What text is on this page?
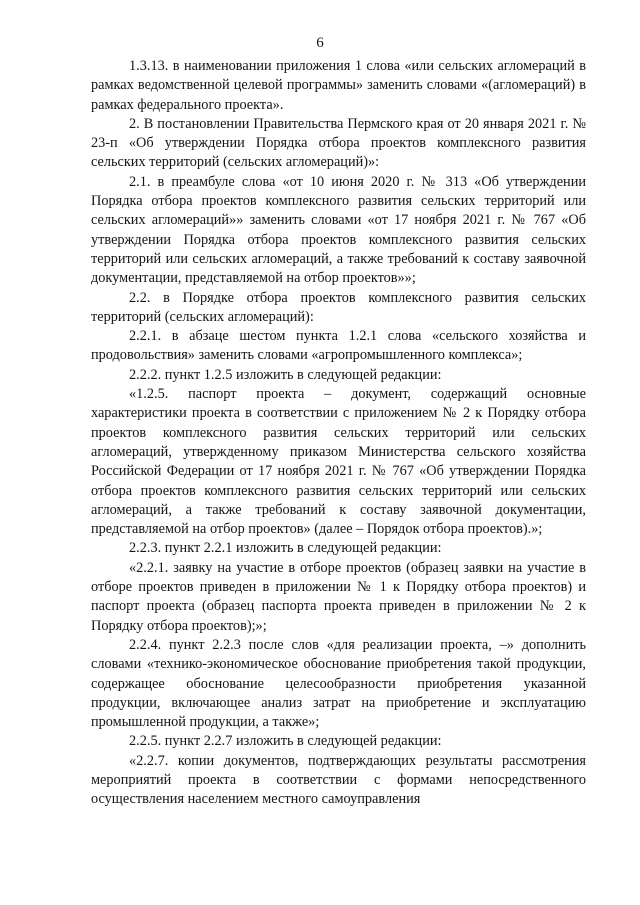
6

1.3.13. в наименовании приложения 1 слова «или сельских агломераций в рамках ведомственной целевой программы» заменить словами «(агломераций) в рамках федерального проекта».

2. В постановлении Правительства Пермского края от 20 января 2021 г. № 23-п «Об утверждении Порядка отбора проектов комплексного развития сельских территорий (сельских агломераций)»:

2.1. в преамбуле слова «от 10 июня 2020 г. № 313 «Об утверждении Порядка отбора проектов комплексного развития сельских территорий или сельских агломераций»» заменить словами «от 17 ноября 2021 г. № 767 «Об утверждении Порядка отбора проектов комплексного развития сельских территорий или сельских агломераций, а также требований к составу заявочной документации, представляемой на отбор проектов»»;

2.2. в Порядке отбора проектов комплексного развития сельских территорий (сельских агломераций):

2.2.1. в абзаце шестом пункта 1.2.1 слова «сельского хозяйства и продовольствия» заменить словами «агропромышленного комплекса»;

2.2.2. пункт 1.2.5 изложить в следующей редакции:

«1.2.5. паспорт проекта – документ, содержащий основные характеристики проекта в соответствии с приложением № 2 к Порядку отбора проектов комплексного развития сельских территорий или сельских агломераций, утвержденному приказом Министерства сельского хозяйства Российской Федерации от 17 ноября 2021 г. № 767 «Об утверждении Порядка отбора проектов комплексного развития сельских территорий или сельских агломераций, а также требований к составу заявочной документации, представляемой на отбор проектов» (далее – Порядок отбора проектов).»;

2.2.3. пункт 2.2.1 изложить в следующей редакции:

«2.2.1. заявку на участие в отборе проектов (образец заявки на участие в отборе проектов приведен в приложении № 1 к Порядку отбора проектов) и паспорт проекта (образец паспорта проекта приведен в приложении № 2 к Порядку отбора проектов);»;

2.2.4. пункт 2.2.3 после слов «для реализации проекта, –» дополнить словами «технико-экономическое обоснование приобретения такой продукции, содержащее обоснование целесообразности приобретения указанной продукции, включающее анализ затрат на приобретение и эксплуатацию промышленной продукции, а также»;

2.2.5. пункт 2.2.7 изложить в следующей редакции:

«2.2.7. копии документов, подтверждающих результаты рассмотрения мероприятий проекта в соответствии с формами непосредственного осуществления населением местного самоуправления
